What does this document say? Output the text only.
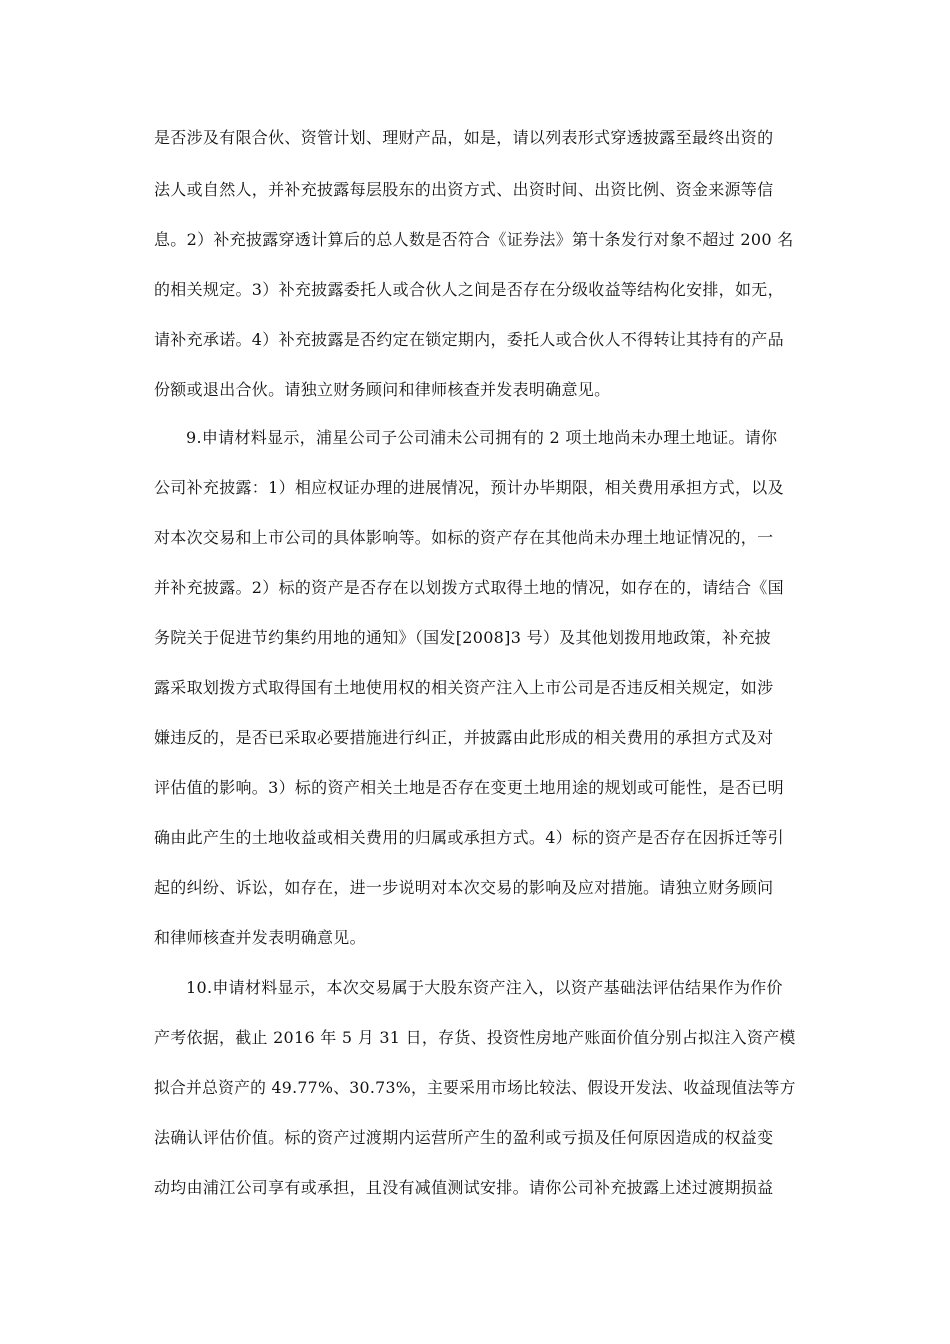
是否涉及有限合伙、资管计划、理财产品，如是，请以列表形式穿透披露至最终出资的
法人或自然人，并补充披露每层股东的出资方式、出资时间、出资比例、资金来源等信
息。2）补充披露穿透计算后的总人数是否符合《证券法》第十条发行对象不超过 200 名
的相关规定。3）补充披露委托人或合伙人之间是否存在分级收益等结构化安排，如无，
请补充承诺。4）补充披露是否约定在锁定期内，委托人或合伙人不得转让其持有的产品
份额或退出合伙。请独立财务顾问和律师核查并发表明确意见。
9.申请材料显示，浦星公司子公司浦未公司拥有的 2 项土地尚未办理土地证。请你
公司补充披露：1）相应权证办理的进展情况，预计办毕期限，相关费用承担方式，以及
对本次交易和上市公司的具体影响等。如标的资产存在其他尚未办理土地证情况的，一
并补充披露。2）标的资产是否存在以划拨方式取得土地的情况，如存在的，请结合《国
务院关于促进节约集约用地的通知》（国发[2008]3 号）及其他划拨用地政策，补充披
露采取划拨方式取得国有土地使用权的相关资产注入上市公司是否违反相关规定，如涉
嫌违反的，是否已采取必要措施进行纠正，并披露由此形成的相关费用的承担方式及对
评估值的影响。3）标的资产相关土地是否存在变更土地用途的规划或可能性，是否已明
确由此产生的土地收益或相关费用的归属或承担方式。4）标的资产是否存在因拆迁等引
起的纠纷、诉讼，如存在，进一步说明对本次交易的影响及应对措施。请独立财务顾问
和律师核查并发表明确意见。
10.申请材料显示，本次交易属于大股东资产注入，以资产基础法评估结果作为作价
产考依据，截止 2016 年 5 月 31 日，存货、投资性房地产账面价值分别占拟注入资产模
拟合并总资产的 49.77%、30.73%，主要采用市场比较法、假设开发法、收益现值法等方
法确认评估价值。标的资产过渡期内运营所产生的盈利或亏损及任何原因造成的权益变
动均由浦江公司享有或承担，且没有减值测试安排。请你公司补充披露上述过渡期损益
